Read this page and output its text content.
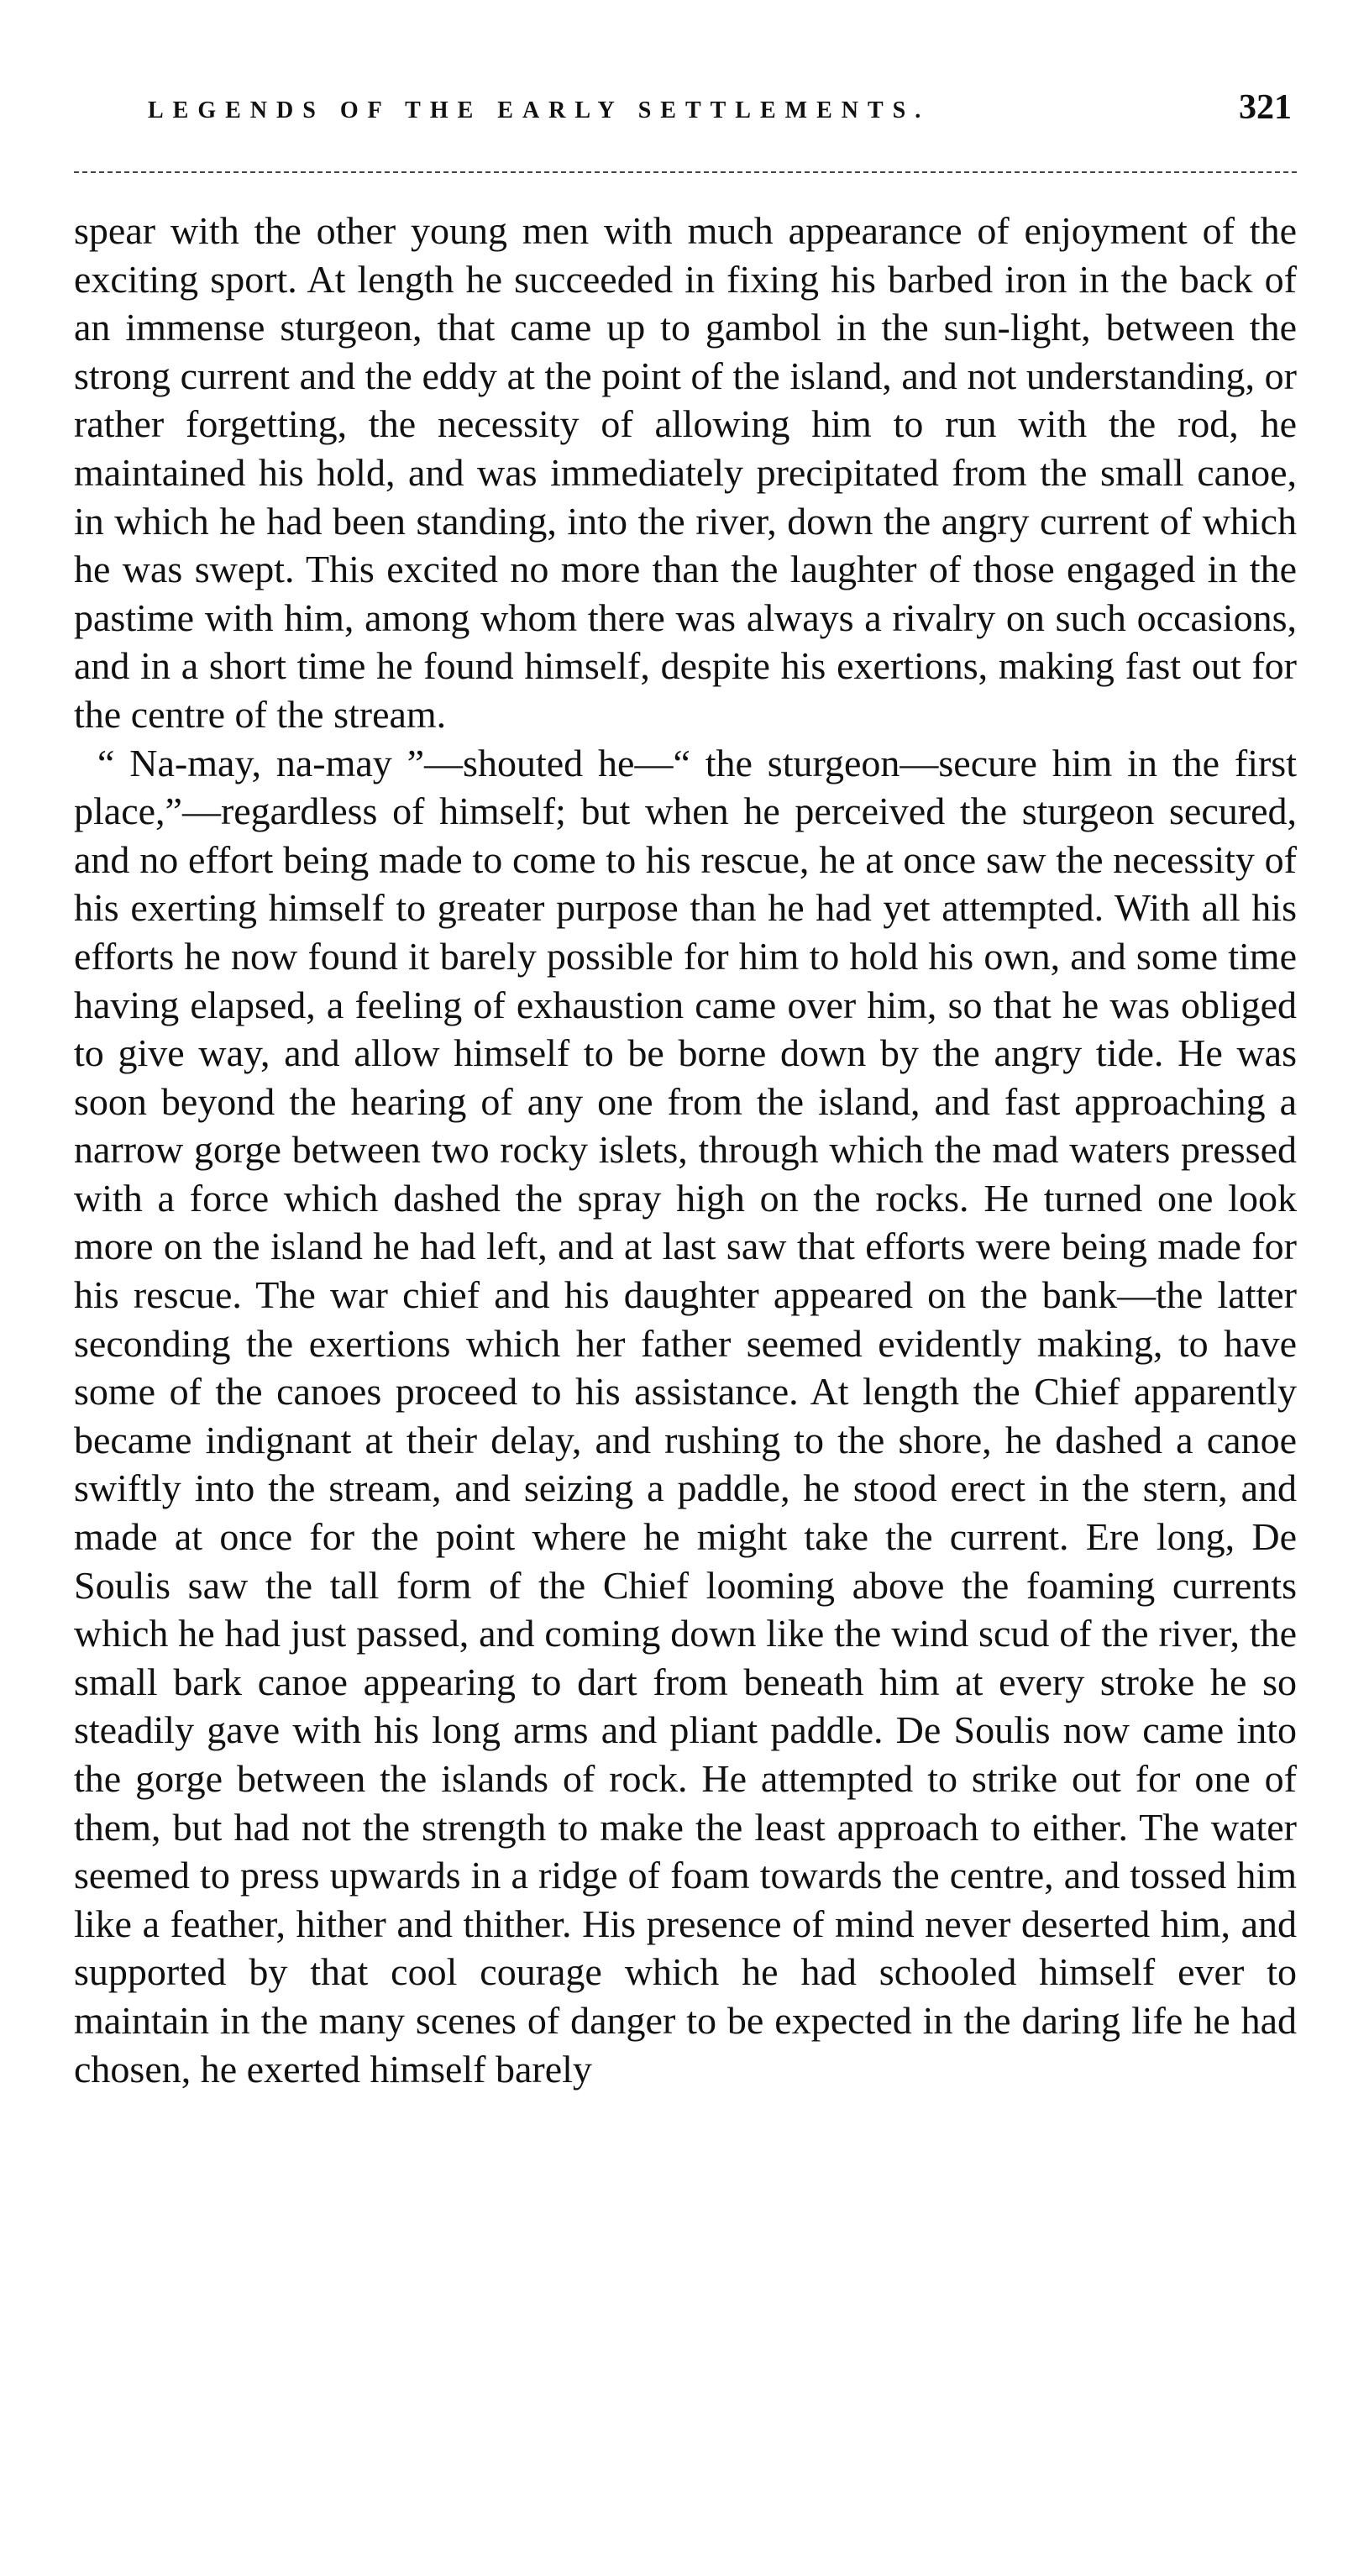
LEGENDS OF THE EARLY SETTLEMENTS.	321

spear with the other young men with much appearance of enjoyment of the exciting sport. At length he succeeded in fixing his barbed iron in the back of an immense sturgeon, that came up to gambol in the sun-light, between the strong current and the eddy at the point of the island, and not understanding, or rather forgetting, the necessity of allowing him to run with the rod, he maintained his hold, and was immediately precipitated from the small canoe, in which he had been standing, into the river, down the angry current of which he was swept. This excited no more than the laughter of those engaged in the pastime with him, among whom there was always a rivalry on such occasions, and in a short time he found himself, despite his exertions, making fast out for the centre of the stream.

“ Na-may, na-may ”—shouted he—“ the sturgeon—secure him in the first place,”—regardless of himself; but when he perceived the sturgeon secured, and no effort being made to come to his rescue, he at once saw the necessity of his exerting himself to greater purpose than he had yet attempted. With all his efforts he now found it barely possible for him to hold his own, and some time having elapsed, a feeling of exhaustion came over him, so that he was obliged to give way, and allow himself to be borne down by the angry tide. He was soon beyond the hearing of any one from the island, and fast approaching a narrow gorge between two rocky islets, through which the mad waters pressed with a force which dashed the spray high on the rocks. He turned one look more on the island he had left, and at last saw that efforts were being made for his rescue. The war chief and his daughter appeared on the bank—the latter seconding the exertions which her father seemed evidently making, to have some of the canoes proceed to his assistance. At length the Chief apparently became indignant at their delay, and rushing to the shore, he dashed a canoe swiftly into the stream, and seizing a paddle, he stood erect in the stern, and made at once for the point where he might take the current. Ere long, De Soulis saw the tall form of the Chief looming above the foaming currents which he had just passed, and coming down like the wind scud of the river, the small bark canoe appearing to dart from beneath him at every stroke he so steadily gave with his long arms and pliant paddle. De Soulis now came into the gorge between the islands of rock. He attempted to strike out for one of them, but had not the strength to make the least approach to either. The water seemed to press upwards in a ridge of foam towards the centre, and tossed him like a feather, hither and thither. His presence of mind never deserted him, and supported by that cool courage which he had schooled himself ever to maintain in the many scenes of danger to be expected in the daring life he had chosen, he exerted himself barely
